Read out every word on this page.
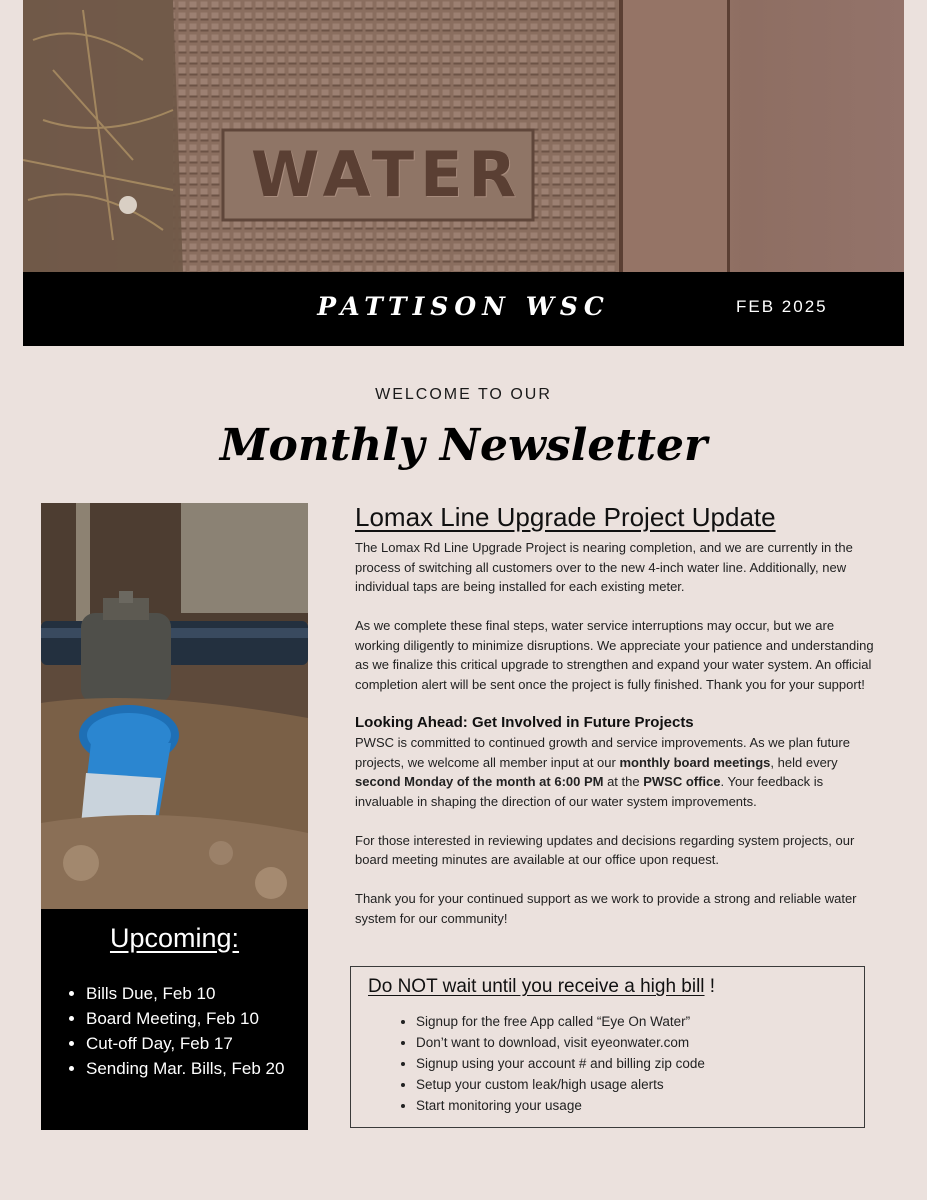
WATER
PATTISON WSC	FEB 2025
WELCOME TO OUR
Monthly Newsletter
Upcoming:
• Bills Due, Feb 10
• Board Meeting, Feb 10
• Cut-off Day, Feb 17
• Sending Mar. Bills, Feb 20
Lomax Line Upgrade Project Update

The Lomax Rd Line Upgrade Project is nearing completion, and we are currently in the process of switching all customers over to the new 4-inch water line. Additionally, new individual taps are being installed for each existing meter.

As we complete these final steps, water service interruptions may occur, but we are working diligently to minimize disruptions. We appreciate your patience and understanding as we finalize this critical upgrade to strengthen and expand your water system. An official completion alert will be sent once the project is fully finished. Thank you for your support!

Looking Ahead: Get Involved in Future Projects

PWSC is committed to continued growth and service improvements. As we plan future projects, we welcome all member input at our monthly board meetings, held every second Monday of the month at 6:00 PM at the PWSC office. Your feedback is invaluable in shaping the direction of our water system improvements.

For those interested in reviewing updates and decisions regarding system projects, our board meeting minutes are available at our office upon request.

Thank you for your continued support as we work to provide a strong and reliable water system for our community!

Do NOT wait until you receive a high bill !
• Signup for the free App called “Eye On Water”
• Don’t want to download, visit eyeonwater.com
• Signup using your account # and billing zip code
• Setup your custom leak/high usage alerts
• Start monitoring your usage
